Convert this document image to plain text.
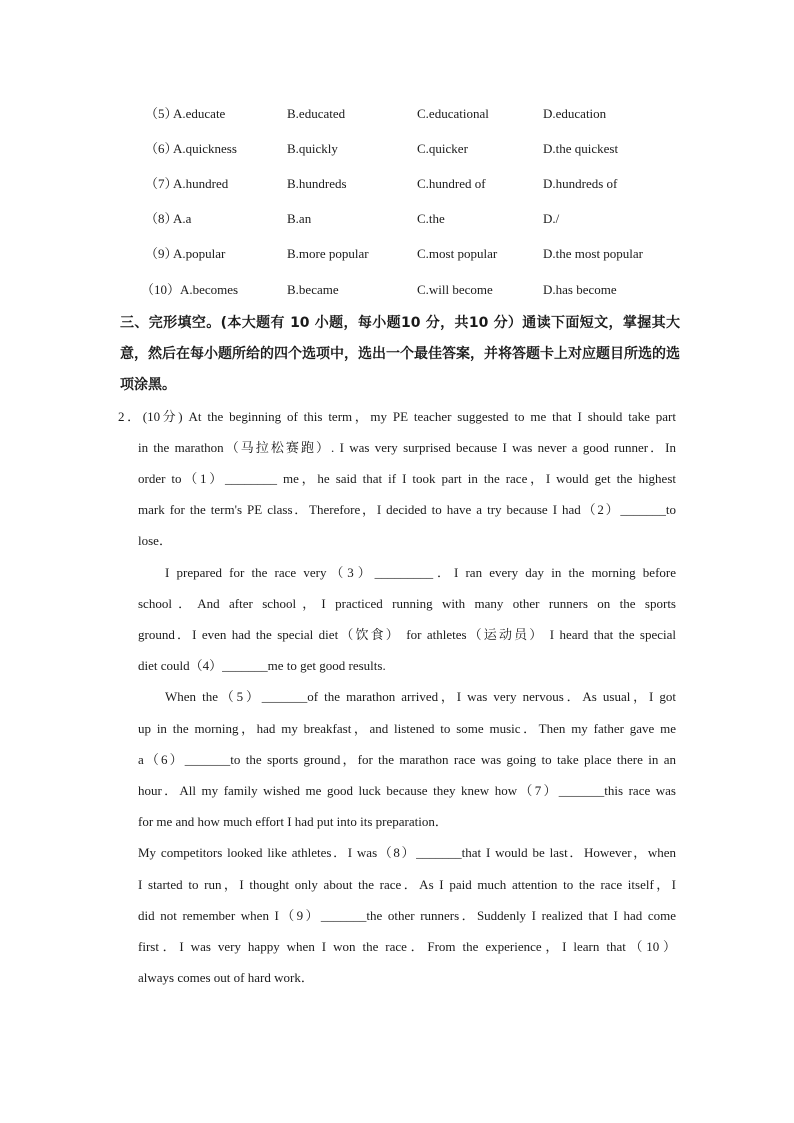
（5）
A.educate	B.educated	C.educational	D.education
（6）
A.quickness	B.quickly	C.quicker	D.the quickest
（7）
A.hundred	B.hundreds	C.hundred of	D.hundreds of
（8）
A.a	B.an	C.the	D./
（9）
A.popular	B.more popular	C.most popular	D.the most popular
（10） A.becomes	B.became	C.will become	D.has become
三、完形填空。(本大题有 10 小题，每小题10 分，共10 分）通读下面短文，掌握其大意，然后在每小题所给的四个选项中，选出一个最佳答案，并将答题卡上对应题目所选的选项涂黑。
2．(10分) At the beginning of this term，my PE teacher suggested to me that I should take part
in the marathon（马拉松赛跑）. I was very surprised because I was never a good runner．In
order to（1）________ me，he said that if I took part in the race，I would get the highest
mark for the term's PE class．Therefore，I decided to have a try because I had（2）_______to
lose．
I prepared for the race very（3）_________．I ran every day in the morning before
school．And after school，I practiced running with many other runners on the sports
ground．I even had the special diet（饮食） for athletes（运动员） I heard that the special
diet could（4）_______me to get good results.
When the（5）_______of the marathon arrived，I was very nervous．As usual，I got
up in the morning，had my breakfast，and listened to some music．Then my father gave me
a（6）_______to the sports ground，for the marathon race was going to take place there in an
hour．All my family wished me good luck because they knew how（7）_______this race was
for me and how much effort I had put into its preparation．
My competitors looked like athletes．I was（8）_______that I would be last．However，when
I started to run，I thought only about the race．As I paid much attention to the race itself，I
did not remember when I（9）_______the other runners．Suddenly I realized that I had come
first．I was very happy when I won the race．From the experience，I learn that（10）
always comes out of hard work．
